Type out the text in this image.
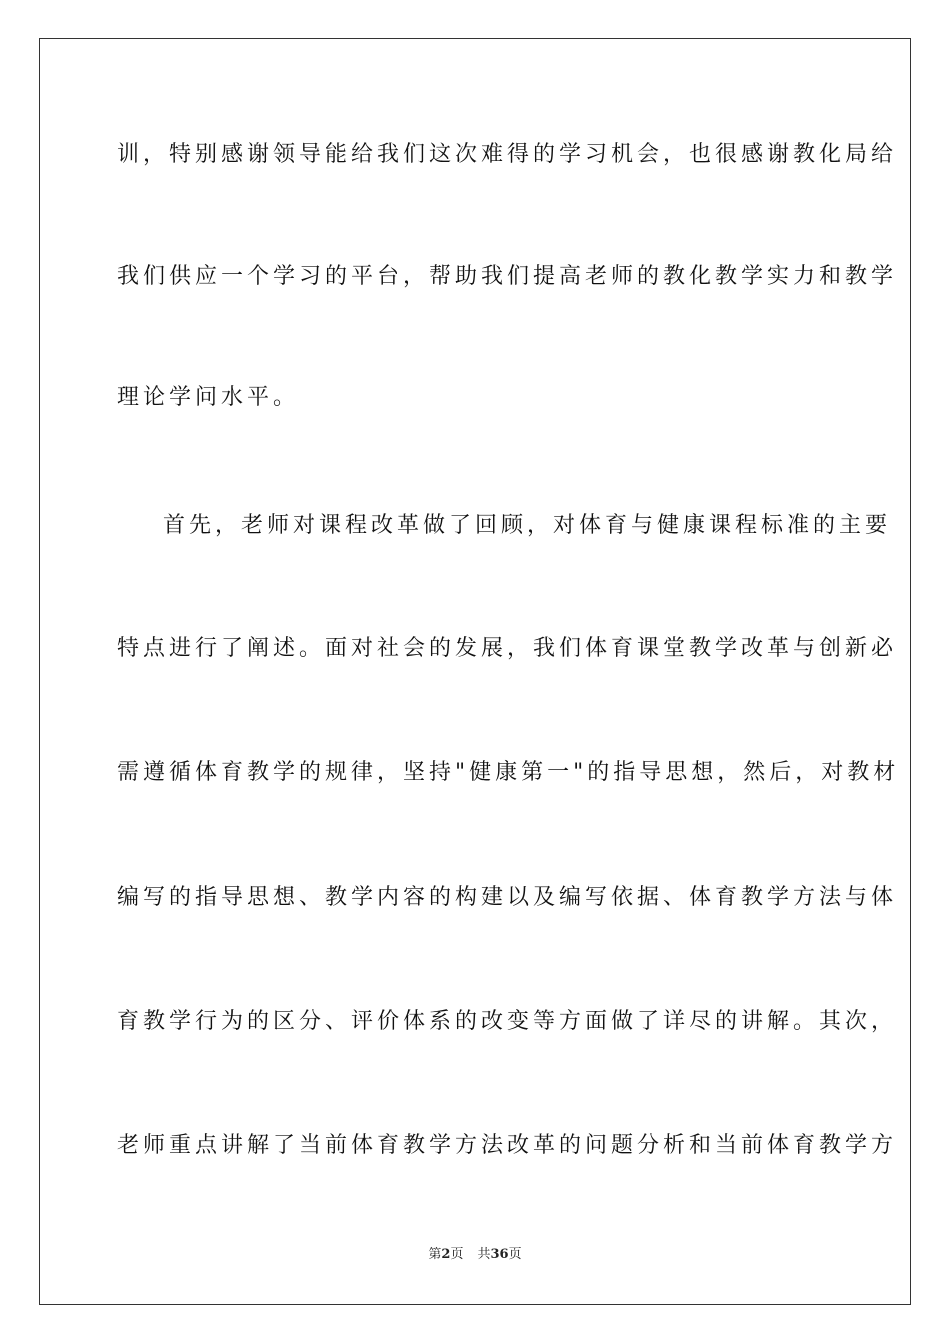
训，特别感谢领导能给我们这次难得的学习机会，也很感谢教化局给
我们供应一个学习的平台，帮助我们提高老师的教化教学实力和教学
理论学问水平。
首先，老师对课程改革做了回顾，对体育与健康课程标准的主要
特点进行了阐述。面对社会的发展，我们体育课堂教学改革与创新必
需遵循体育教学的规律，坚持"健康第一"的指导思想，然后，对教材
编写的指导思想、教学内容的构建以及编写依据、体育教学方法与体
育教学行为的区分、评价体系的改变等方面做了详尽的讲解。其次，
老师重点讲解了当前体育教学方法改革的问题分析和当前体育教学方
第2页 共36页
